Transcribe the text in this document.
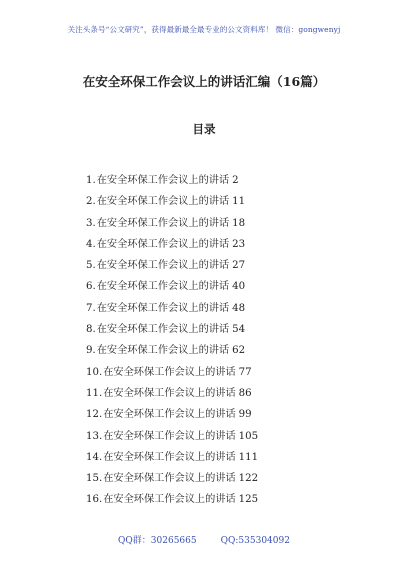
关注头条号“公文研究”，获得最新最全最专业的公文资料库！ 微信：gongwenyj
在安全环保工作会议上的讲话汇编（16篇）
目录
1.在安全环保工作会议上的讲话 2
2.在安全环保工作会议上的讲话 11
3.在安全环保工作会议上的讲话 18
4.在安全环保工作会议上的讲话 23
5.在安全环保工作会议上的讲话 27
6.在安全环保工作会议上的讲话 40
7.在安全环保工作会议上的讲话 48
8.在安全环保工作会议上的讲话 54
9.在安全环保工作会议上的讲话 62
10.在安全环保工作会议上的讲话 77
11.在安全环保工作会议上的讲话 86
12.在安全环保工作会议上的讲话 99
13.在安全环保工作会议上的讲话 105
14.在安全环保工作会议上的讲话 111
15.在安全环保工作会议上的讲话 122
16.在安全环保工作会议上的讲话 125
QQ群：30265665	QQ:535304092
